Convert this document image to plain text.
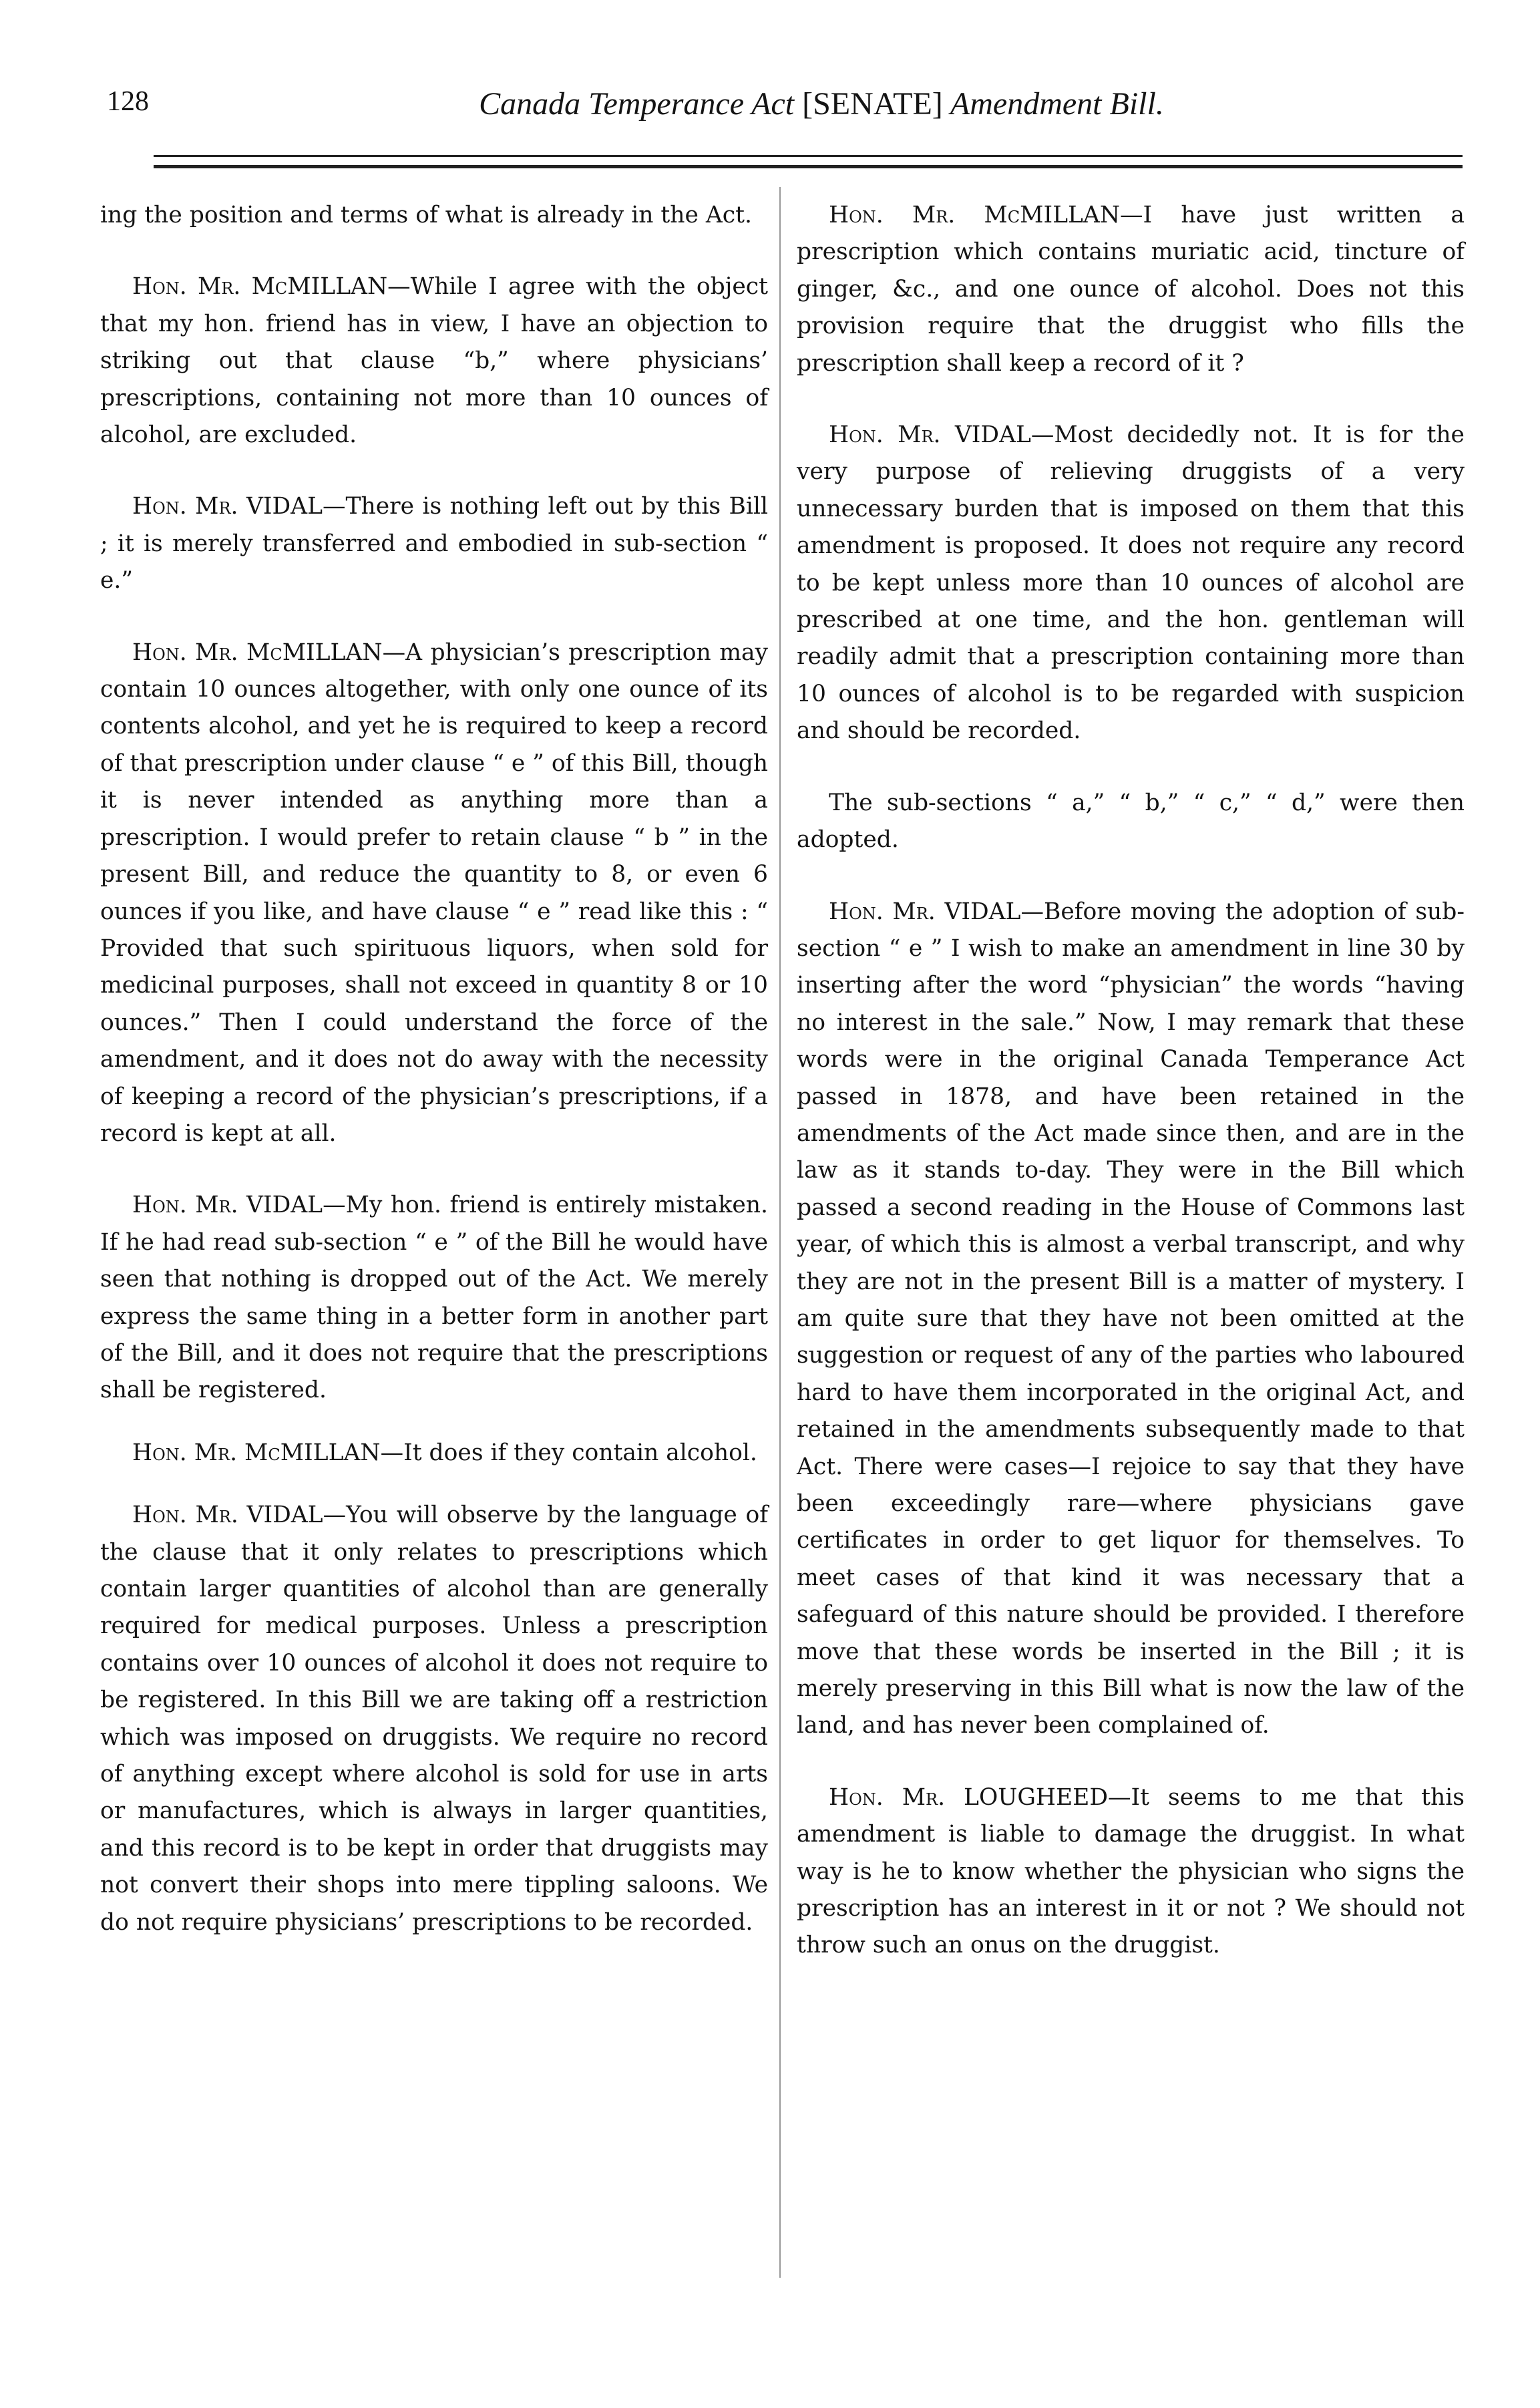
128	Canada Temperance Act [SENATE] Amendment Bill.

ing the position and terms of what is already in the Act.

Hon. Mr. McMILLAN—While I agree with the object that my hon. friend has in view, I have an objection to striking out that clause “b,” where physicians’ prescriptions, containing not more than 10 ounces of alcohol, are excluded.

Hon. Mr. VIDAL—There is nothing left out by this Bill ; it is merely transferred and embodied in sub-section “ e.”

Hon. Mr. McMILLAN—A physician’s prescription may contain 10 ounces altogether, with only one ounce of its contents alcohol, and yet he is required to keep a record of that prescription under clause “ e ” of this Bill, though it is never intended as anything more than a prescription. I would prefer to retain clause “ b ” in the present Bill, and reduce the quantity to 8, or even 6 ounces if you like, and have clause “ e ” read like this : “ Provided that such spirituous liquors, when sold for medicinal purposes, shall not exceed in quantity 8 or 10 ounces.” Then I could understand the force of the amendment, and it does not do away with the necessity of keeping a record of the physician’s prescriptions, if a record is kept at all.

Hon. Mr. VIDAL—My hon. friend is entirely mistaken. If he had read sub-section “ e ” of the Bill he would have seen that nothing is dropped out of the Act. We merely express the same thing in a better form in another part of the Bill, and it does not require that the prescriptions shall be registered.

Hon. Mr. McMILLAN—It does if they contain alcohol.

Hon. Mr. VIDAL—You will observe by the language of the clause that it only relates to prescriptions which contain larger quantities of alcohol than are generally required for medical purposes. Unless a prescription contains over 10 ounces of alcohol it does not require to be registered. In this Bill we are taking off a restriction which was imposed on druggists. We require no record of anything except where alcohol is sold for use in arts or manufactures, which is always in larger quantities, and this record is to be kept in order that druggists may not convert their shops into mere tippling saloons. We do not require physicians’ prescriptions to be recorded.

Hon. Mr. McMILLAN—I have just written a prescription which contains muriatic acid, tincture of ginger, &c., and one ounce of alcohol. Does not this provision require that the druggist who fills the prescription shall keep a record of it ?

Hon. Mr. VIDAL—Most decidedly not. It is for the very purpose of relieving druggists of a very unnecessary burden that is imposed on them that this amendment is proposed. It does not require any record to be kept unless more than 10 ounces of alcohol are prescribed at one time, and the hon. gentleman will readily admit that a prescription containing more than 10 ounces of alcohol is to be regarded with suspicion and should be recorded.

The sub-sections “ a,” “ b,” “ c,” “ d,” were then adopted.

Hon. Mr. VIDAL—Before moving the adoption of sub-section “ e ” I wish to make an amendment in line 30 by inserting after the word “physician” the words “having no interest in the sale.” Now, I may remark that these words were in the original Canada Temperance Act passed in 1878, and have been retained in the amendments of the Act made since then, and are in the law as it stands to-day. They were in the Bill which passed a second reading in the House of Commons last year, of which this is almost a verbal transcript, and why they are not in the present Bill is a matter of mystery. I am quite sure that they have not been omitted at the suggestion or request of any of the parties who laboured hard to have them incorporated in the original Act, and retained in the amendments subsequently made to that Act. There were cases—I rejoice to say that they have been exceedingly rare—where physicians gave certificates in order to get liquor for themselves. To meet cases of that kind it was necessary that a safeguard of this nature should be provided. I therefore move that these words be inserted in the Bill ; it is merely preserving in this Bill what is now the law of the land, and has never been complained of.

Hon. Mr. LOUGHEED—It seems to me that this amendment is liable to damage the druggist. In what way is he to know whether the physician who signs the prescription has an interest in it or not ? We should not throw such an onus on the druggist.
